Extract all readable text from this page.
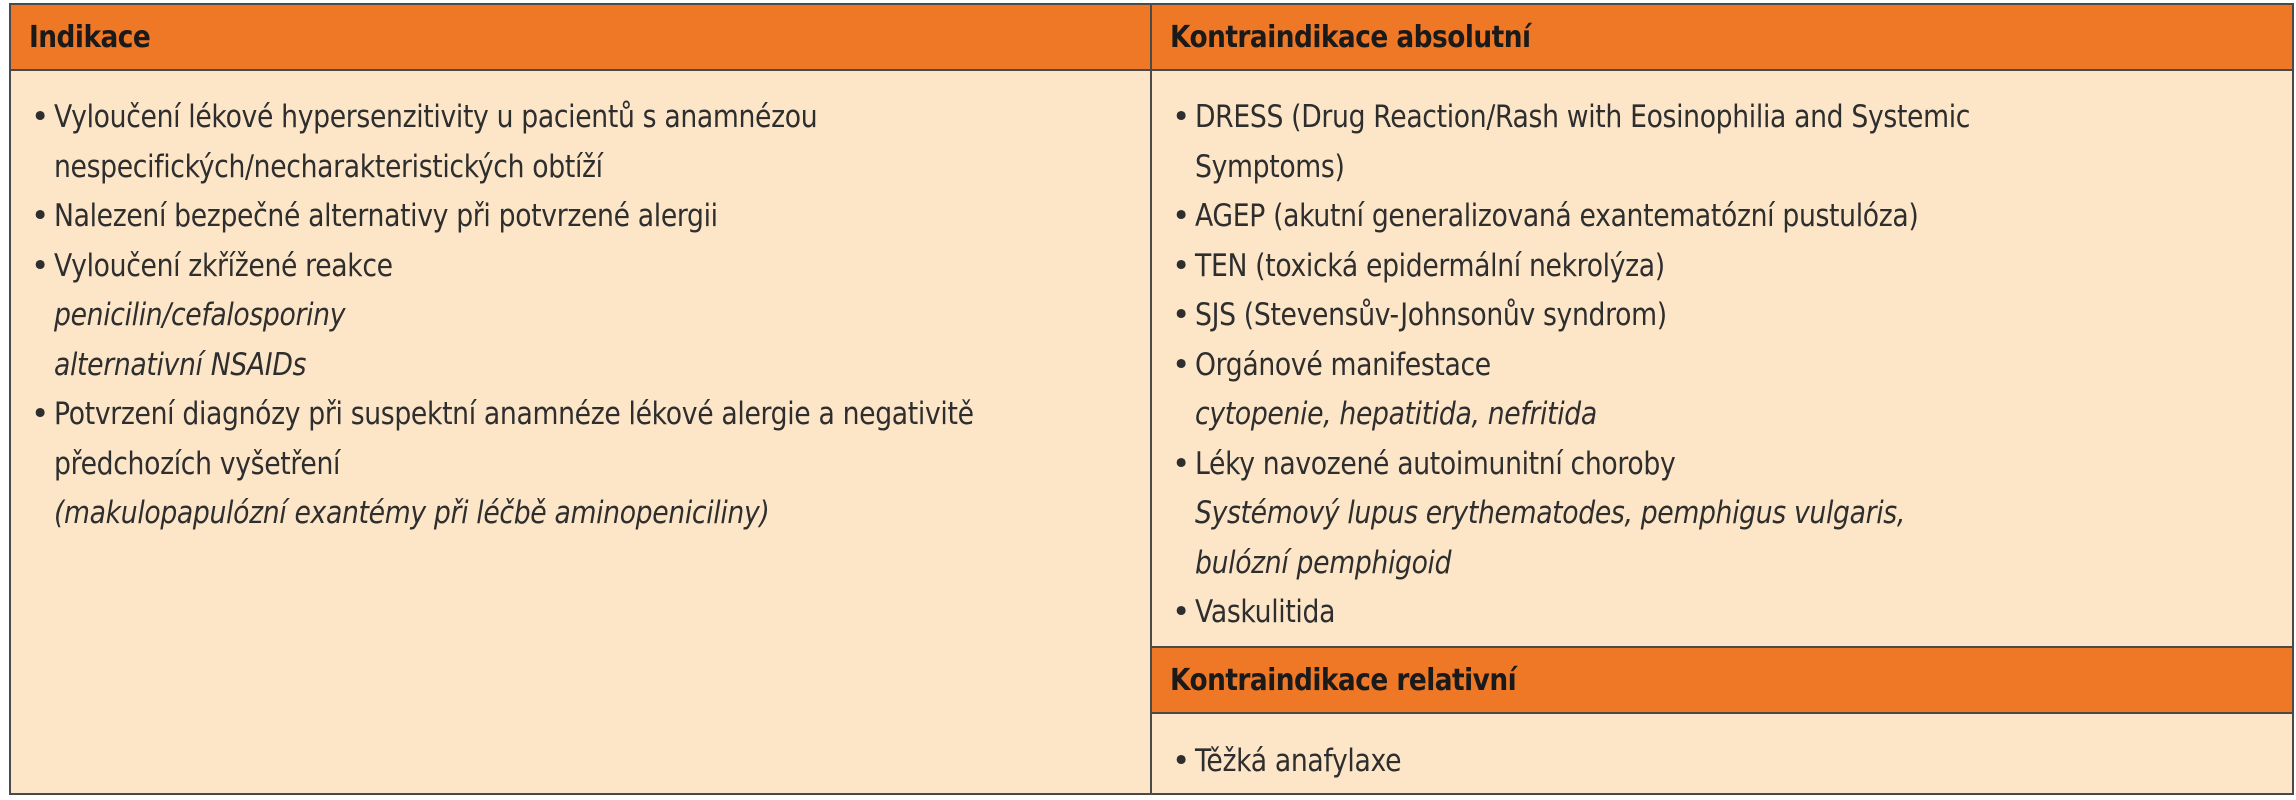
Indikace
• Vyloučení lékové hypersenzitivity u pacientů s anamnézou
nespecifických/necharakteristických obtíží
• Nalezení bezpečné alternativy při potvrzené alergii
• Vyloučení zkřížené reakce
penicilin/cefalosporiny
alternativní NSAIDs
• Potvrzení diagnózy při suspektní anamnéze lékové alergie a negativitě
předchozích vyšetření
(makulopapulózní exantémy při léčbě aminopeniciliny)
Kontraindikace absolutní
• DRESS (Drug Reaction/Rash with Eosinophilia and Systemic
Symptoms)
• AGEP (akutní generalizovaná exantematózní pustulóza)
• TEN (toxická epidermální nekrolýza)
• SJS (Stevensův-Johnsonův syndrom)
• Orgánové manifestace
cytopenie, hepatitida, nefritida
• Léky navozené autoimunitní choroby
Systémový lupus erythematodes, pemphigus vulgaris,
bulózní pemphigoid
• Vaskulitida
Kontraindikace relativní
• Těžká anafylaxe
